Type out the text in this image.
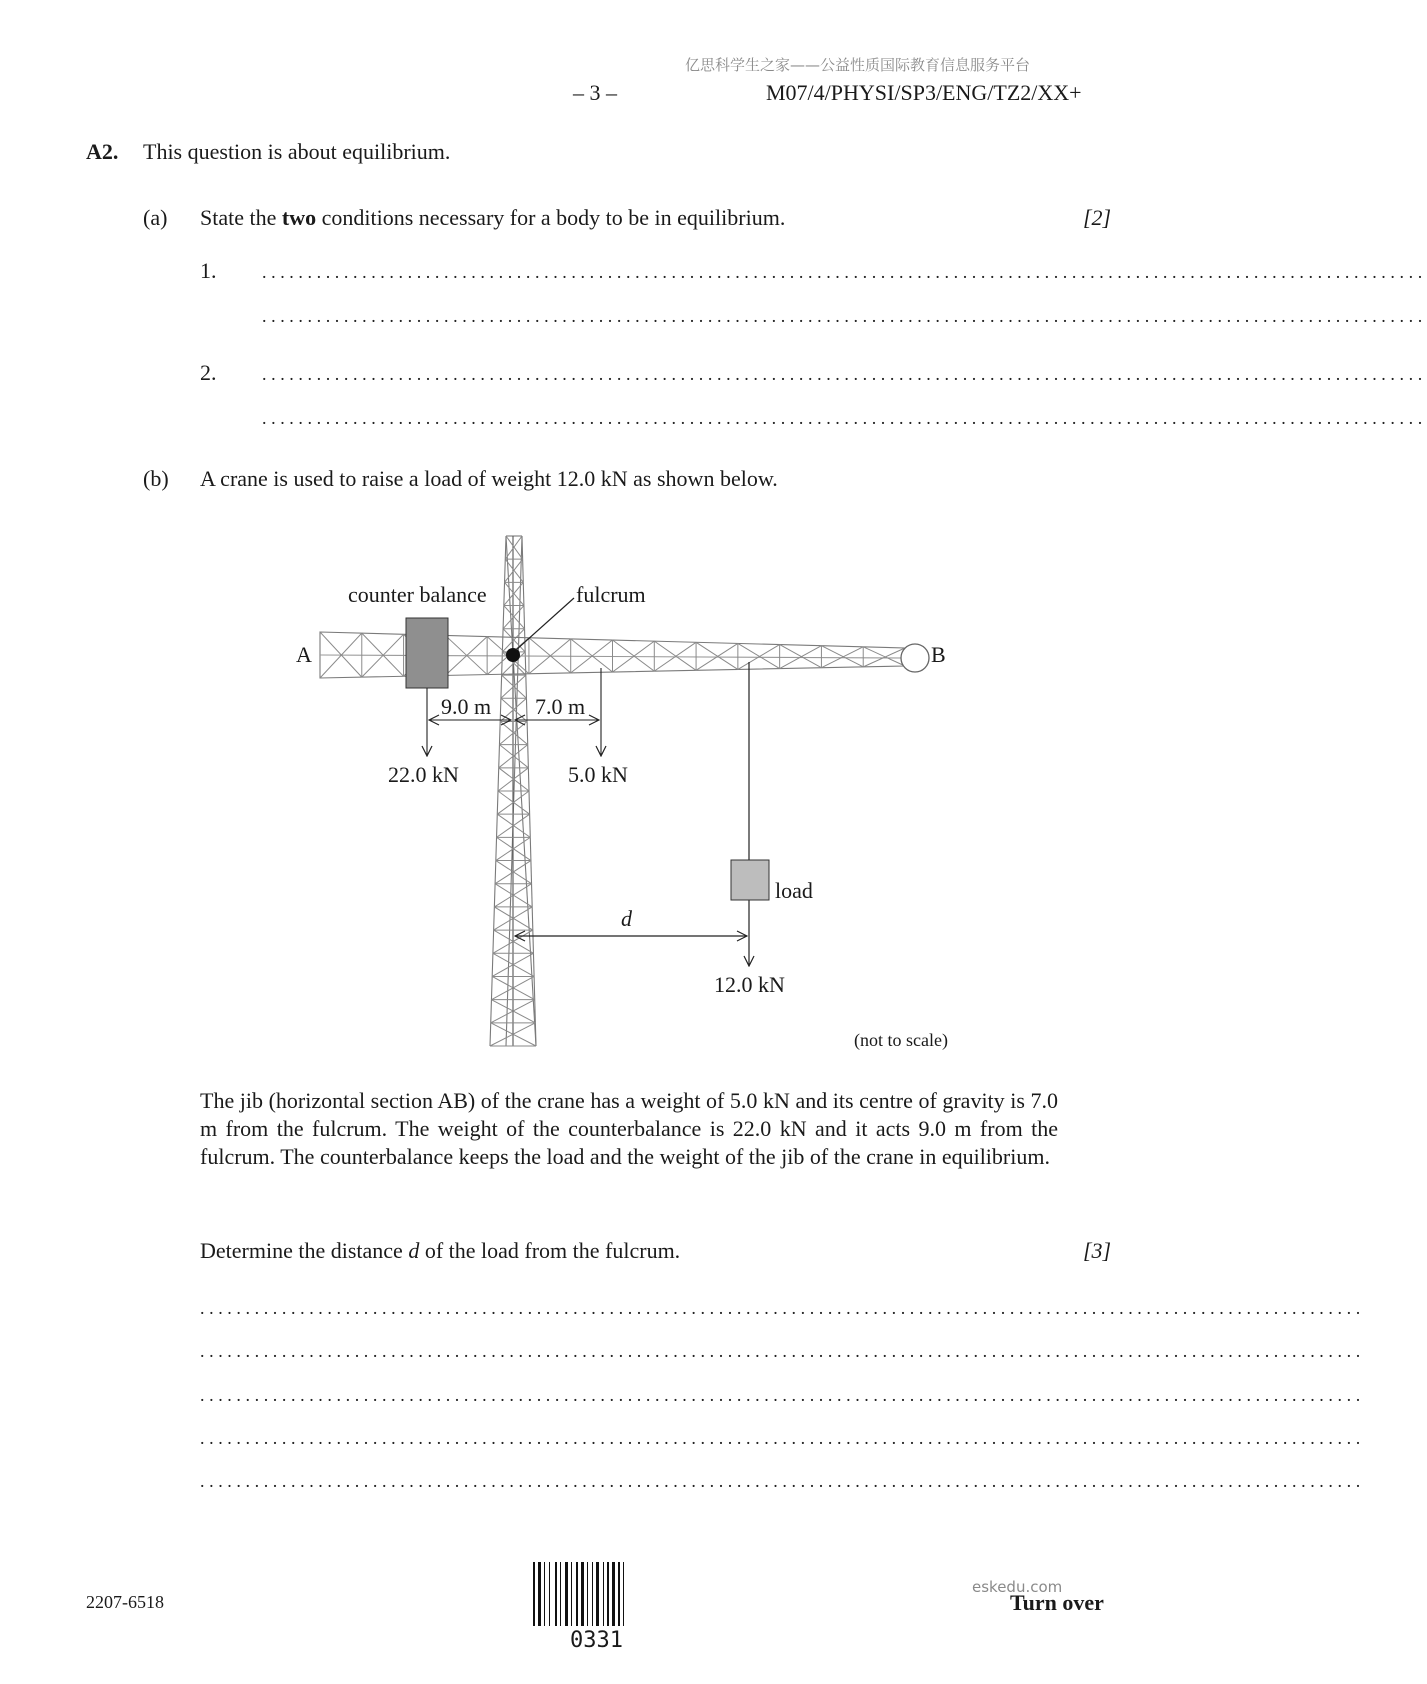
亿思科学生之家——公益性质国际教育信息服务平台
– 3 –	M07/4/PHYSI/SP3/ENG/TZ2/XX+
A2. This question is about equilibrium.
(a) State the two conditions necessary for a body to be in equilibrium.	[2]
1.	................................................................................................................................
................................................................................................................................
2.	................................................................................................................................
................................................................................................................................
(b) A crane is used to raise a load of weight 12.0 kN as shown below.
counter balance	fulcrum
A	B
9.0 m 7.0 m
22.0 kN	5.0 kN
load
d
12.0 kN
(not to scale)
The jib (horizontal section AB) of the crane has a weight of 5.0 kN and its centre of gravity is 7.0 m from the fulcrum. The weight of the counterbalance is 22.0 kN and it acts 9.0 m from the fulcrum. The counterbalance keeps the load and the weight of the jib of the crane in equilibrium.
Determine the distance d of the load from the fulcrum.	[3]
................................................................................................................................
................................................................................................................................
................................................................................................................................
................................................................................................................................
................................................................................................................................
2207-6518
0331
eskedu.com
Turn over
